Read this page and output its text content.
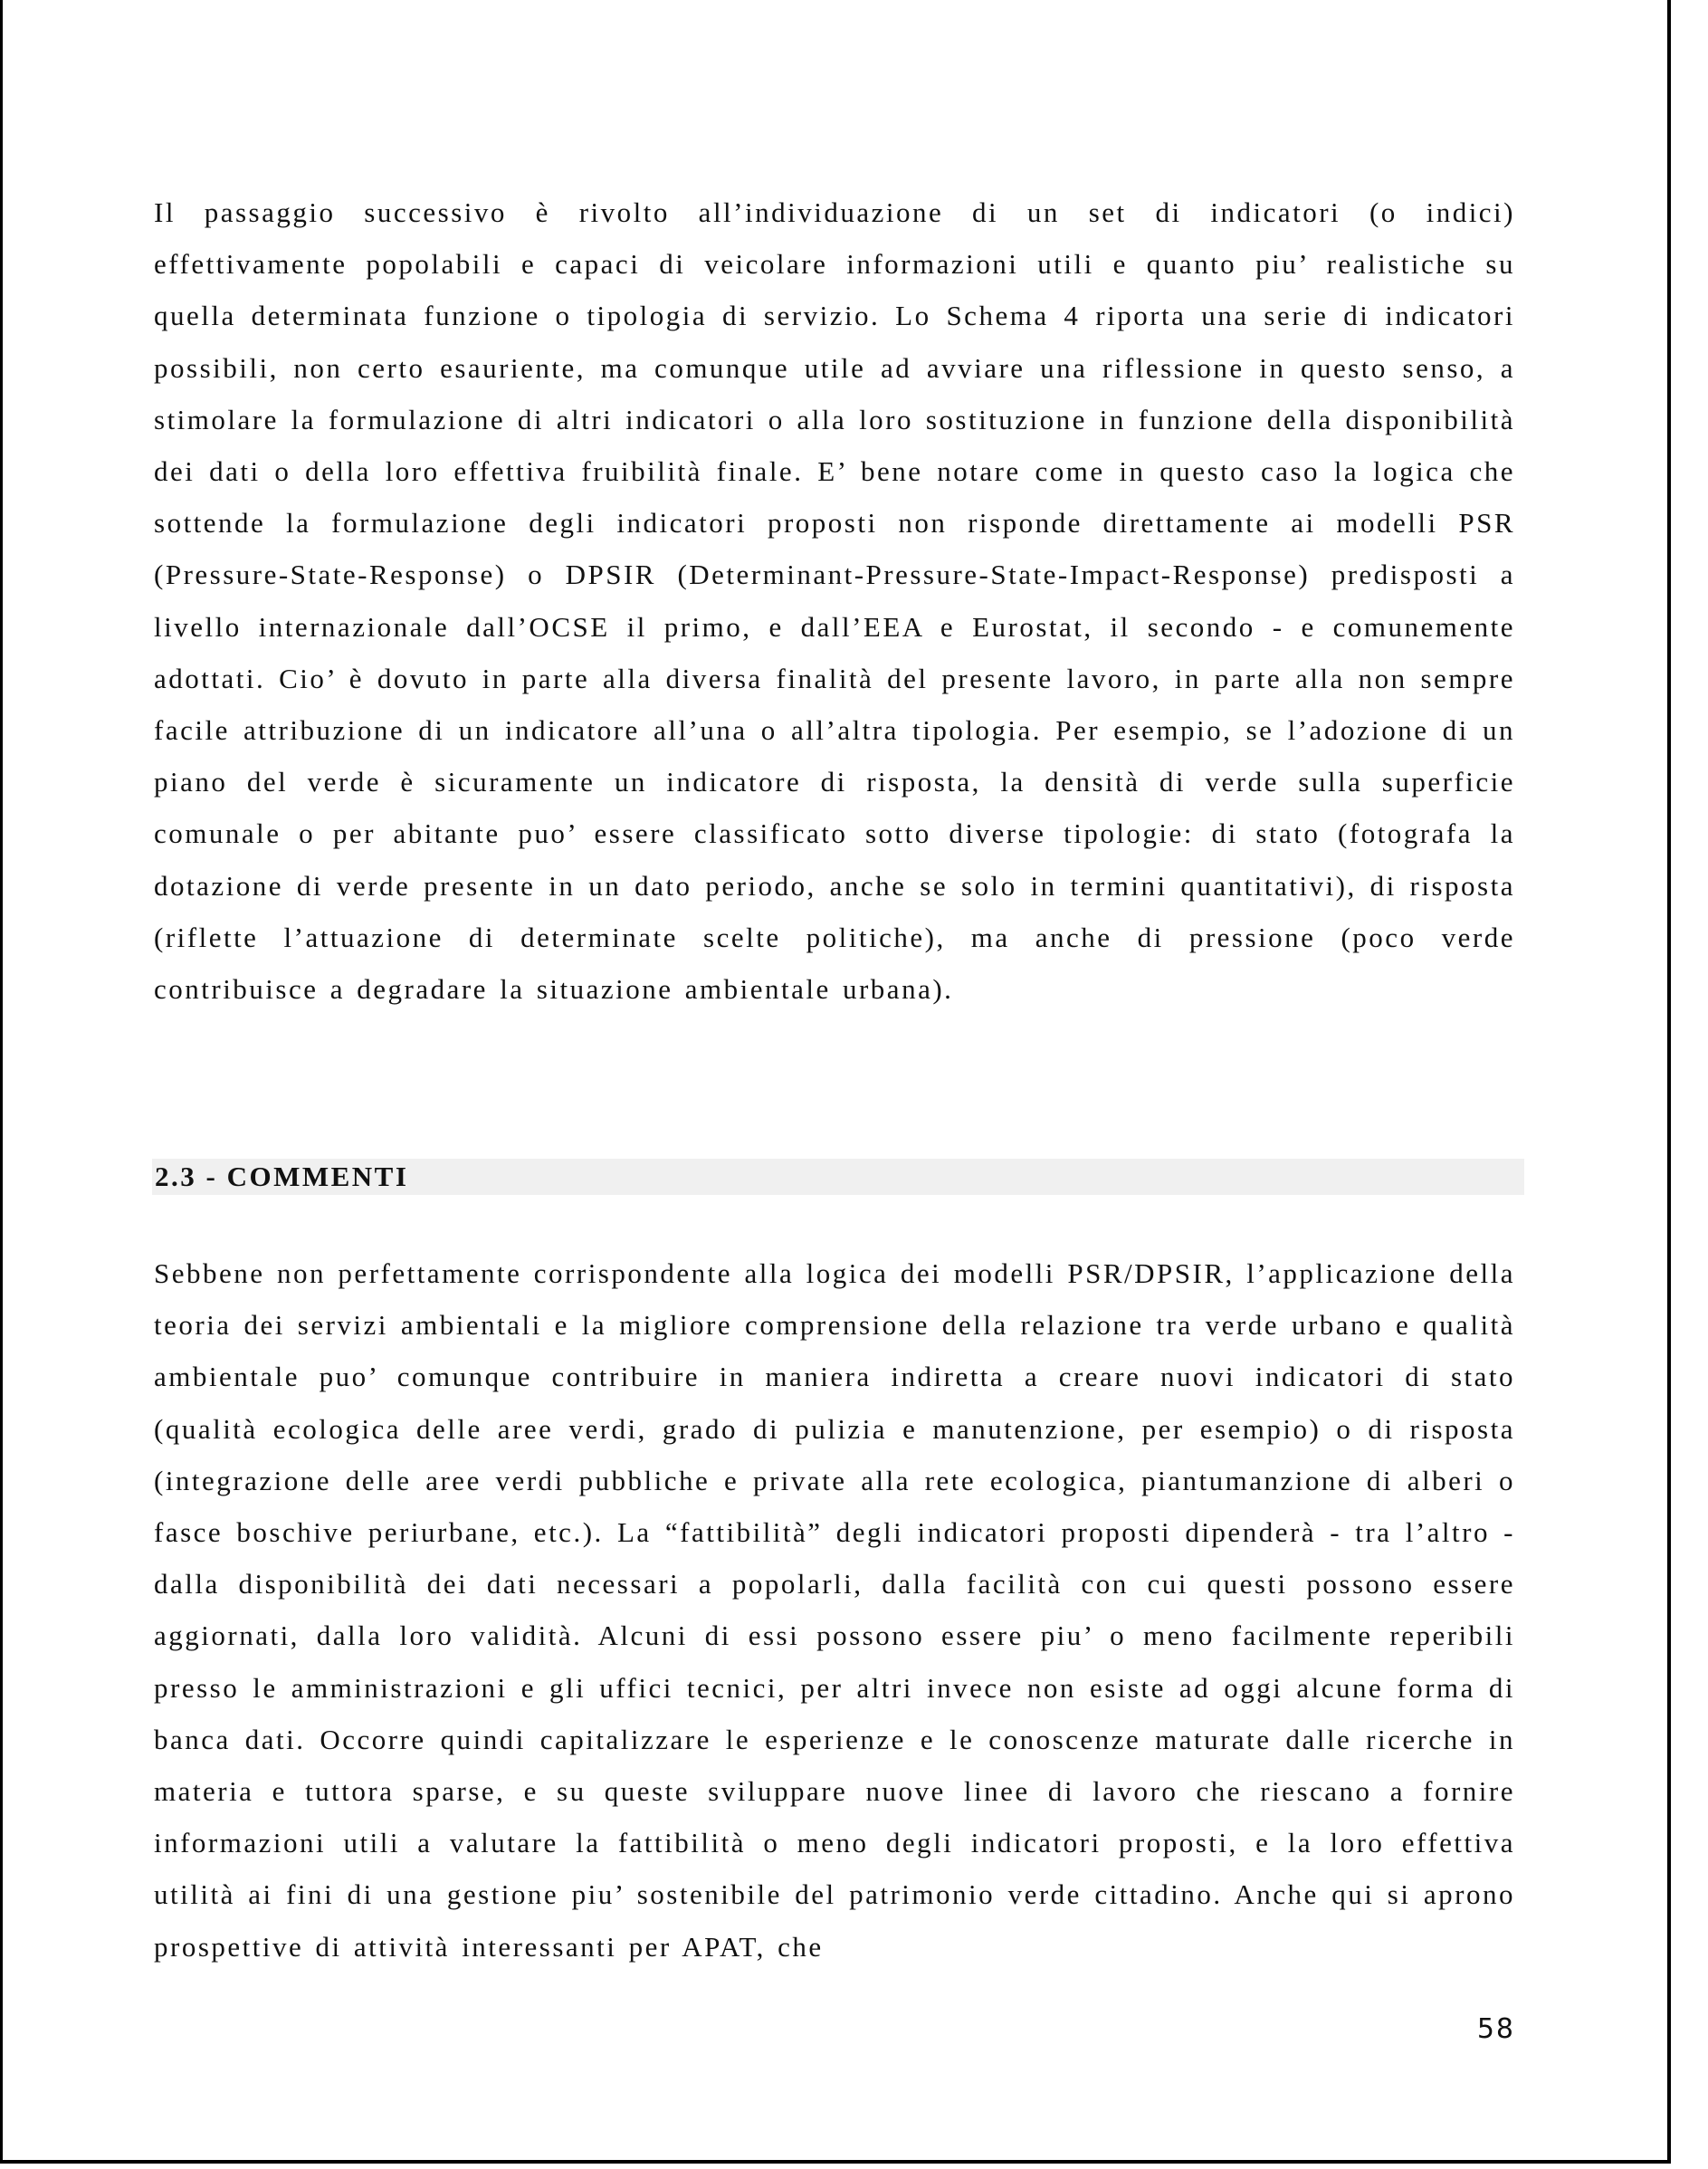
Il passaggio successivo è rivolto all’individuazione di un set di indicatori (o indici) effettivamente popolabili e capaci di veicolare informazioni utili e quanto piu’ realistiche su quella determinata funzione o tipologia di servizio. Lo Schema 4 riporta una serie di indicatori possibili, non certo esauriente, ma comunque utile ad avviare una riflessione in questo senso, a stimolare la formulazione di altri indicatori o alla loro sostituzione in funzione della disponibilità dei dati o della loro effettiva fruibilità finale. E’ bene notare come in questo caso la logica che sottende la formulazione degli indicatori proposti non risponde direttamente ai modelli PSR (Pressure-State-Response) o DPSIR (Determinant-Pressure-State-Impact-Response) predisposti a livello internazionale dall’OCSE il primo, e dall’EEA e Eurostat, il secondo - e comunemente adottati. Cio’ è dovuto in parte alla diversa finalità del presente lavoro, in parte alla non sempre facile attribuzione di un indicatore all’una o all’altra tipologia. Per esempio, se l’adozione di un piano del verde è sicuramente un indicatore di risposta, la densità di verde sulla superficie comunale o per abitante puo’ essere classificato sotto diverse tipologie: di stato (fotografa la dotazione di verde presente in un dato periodo, anche se solo in termini quantitativi), di risposta (riflette l’attuazione di determinate scelte politiche), ma anche di pressione (poco verde contribuisce a degradare la situazione ambientale urbana).

2.3 - COMMENTI

Sebbene non perfettamente corrispondente alla logica dei modelli PSR/DPSIR, l’applicazione della teoria dei servizi ambientali e la migliore comprensione della relazione tra verde urbano e qualità ambientale puo’ comunque contribuire in maniera indiretta a creare nuovi indicatori di stato (qualità ecologica delle aree verdi, grado di pulizia e manutenzione, per esempio) o di risposta (integrazione delle aree verdi pubbliche e private alla rete ecologica, piantumanzione di alberi o fasce boschive periurbane, etc.). La “fattibilità” degli indicatori proposti dipenderà - tra l’altro - dalla disponibilità dei dati necessari a popolarli, dalla facilità con cui questi possono essere aggiornati, dalla loro validità. Alcuni di essi possono essere piu’ o meno facilmente reperibili presso le amministrazioni e gli uffici tecnici, per altri invece non esiste ad oggi alcune forma di banca dati. Occorre quindi capitalizzare le esperienze e le conoscenze maturate dalle ricerche in materia e tuttora sparse, e su queste sviluppare nuove linee di lavoro che riescano a fornire informazioni utili a valutare la fattibilità o meno degli indicatori proposti, e la loro effettiva utilità ai fini di una gestione piu’ sostenibile del patrimonio verde cittadino. Anche qui si aprono prospettive di attività interessanti per APAT, che

58
